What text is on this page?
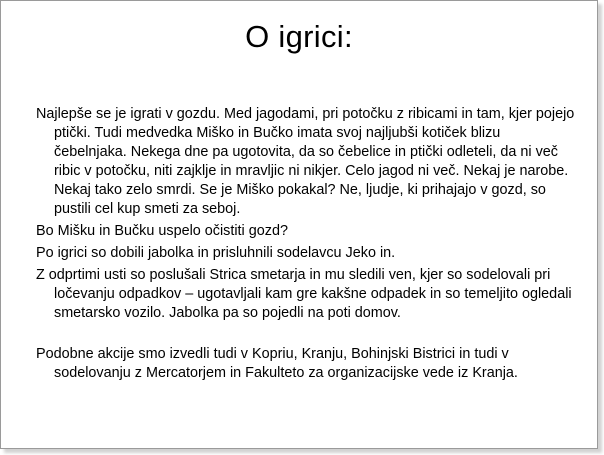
O igrici:

Najlepše se je igrati v gozdu. Med jagodami, pri potočku z ribicami in tam, kjer pojejo ptički. Tudi medvedka Miško in Bučko imata svoj najljubši kotiček blizu čebelnjaka. Nekega dne pa ugotovita, da so čebelice in ptički odleteli, da ni več ribic v potočku, niti zajklje in mravljic ni nikjer. Celo jagod ni več. Nekaj je narobe. Nekaj tako zelo smrdi. Se je Miško pokakal? Ne, ljudje, ki prihajajo v gozd, so pustili cel kup smeti za seboj.

Bo Mišku in Bučku uspelo očistiti gozd?

Po igrici so dobili jabolka in prisluhnili sodelavcu Jeko in.

Z odprtimi usti so poslušali Strica smetarja in mu sledili ven, kjer so sodelovali pri ločevanju odpadkov – ugotavljali kam gre kakšne odpadek in so temeljito ogledali smetarsko vozilo. Jabolka pa so pojedli na poti domov.

Podobne akcije smo izvedli tudi v Kopriu, Kranju, Bohinjski Bistrici in tudi v sodelovanju z Mercatorjem in Fakulteto za organizacijske vede iz Kranja.
